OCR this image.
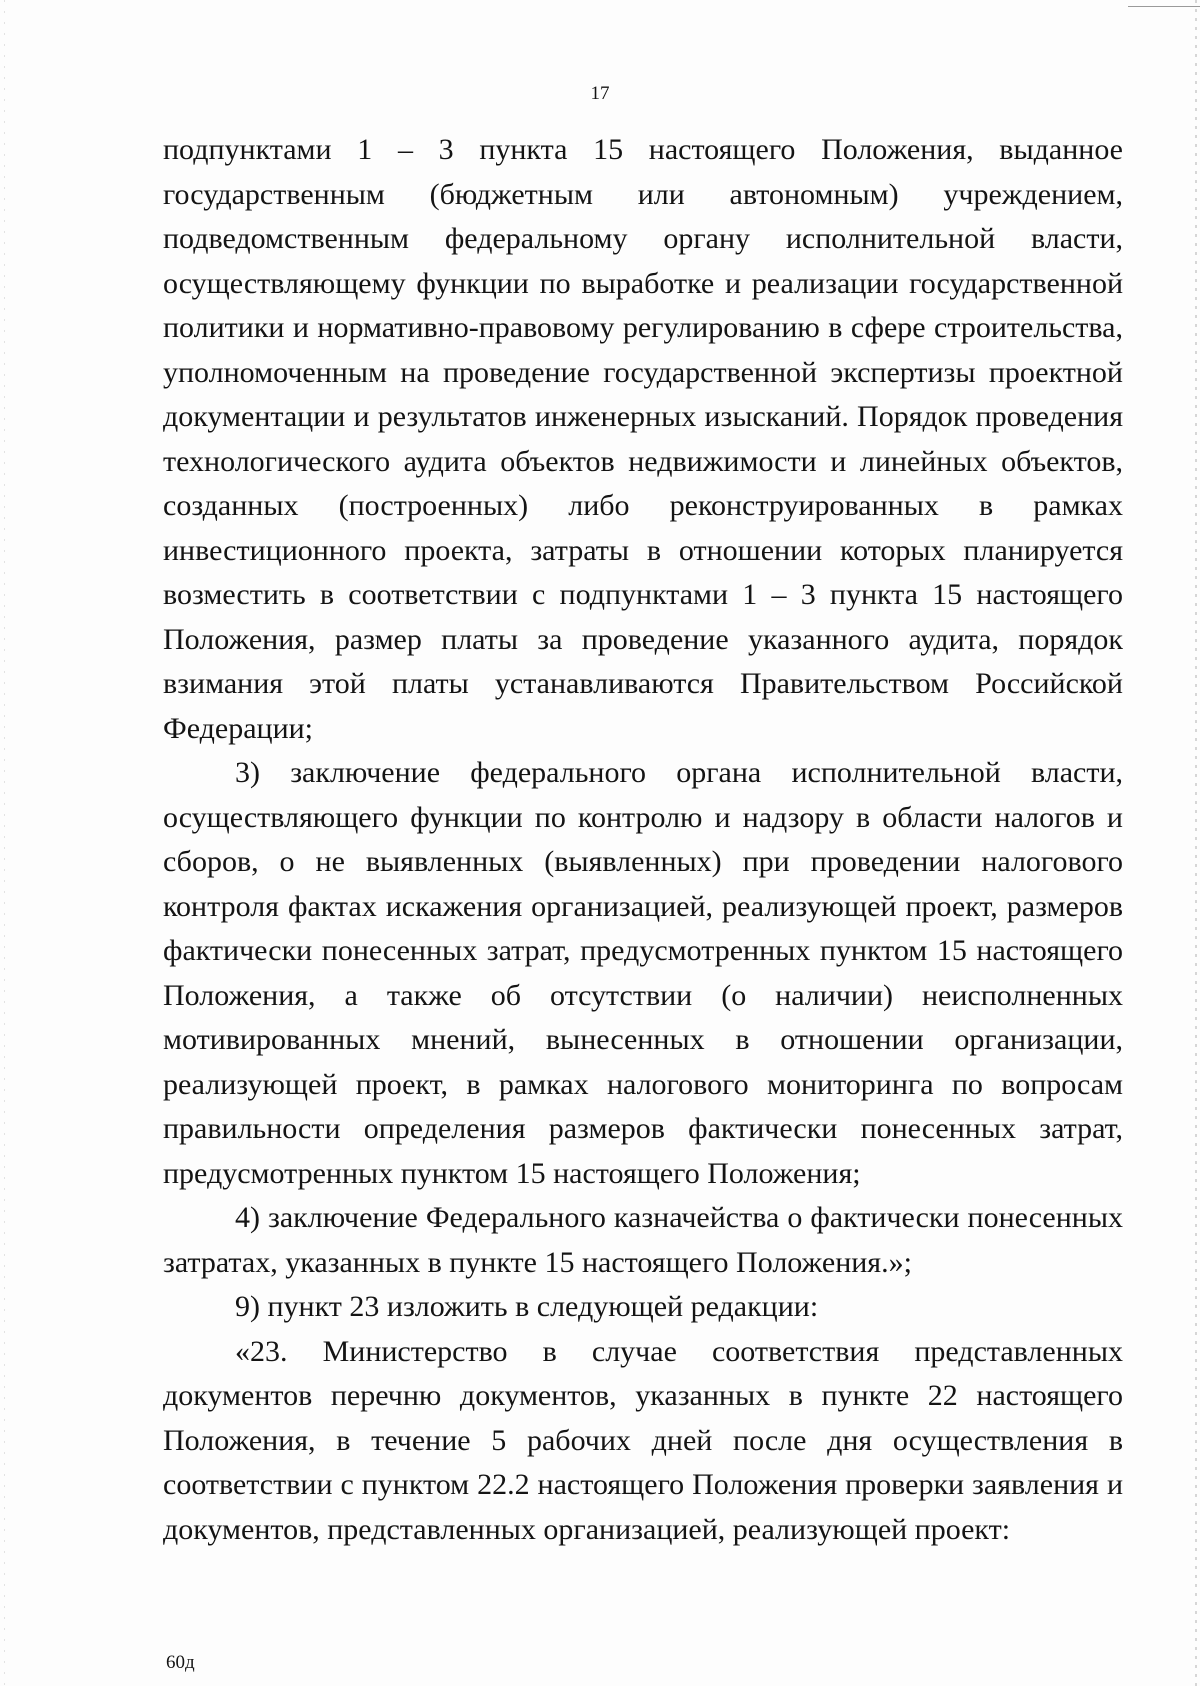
17

подпунктами 1 – 3 пункта 15 настоящего Положения, выданное государственным (бюджетным или автономным) учреждением, подведомственным федеральному органу исполнительной власти, осуществляющему функции по выработке и реализации государственной политики и нормативно-правовому регулированию в сфере строительства, уполномоченным на проведение государственной экспертизы проектной документации и результатов инженерных изысканий. Порядок проведения технологического аудита объектов недвижимости и линейных объектов, созданных (построенных) либо реконструированных в рамках инвестиционного проекта, затраты в отношении которых планируется возместить в соответствии с подпунктами 1 – 3 пункта 15 настоящего Положения, размер платы за проведение указанного аудита, порядок взимания этой платы устанавливаются Правительством Российской Федерации;

3) заключение федерального органа исполнительной власти, осуществляющего функции по контролю и надзору в области налогов и сборов, о не выявленных (выявленных) при проведении налогового контроля фактах искажения организацией, реализующей проект, размеров фактически понесенных затрат, предусмотренных пунктом 15 настоящего Положения, а также об отсутствии (о наличии) неисполненных мотивированных мнений, вынесенных в отношении организации, реализующей проект, в рамках налогового мониторинга по вопросам правильности определения размеров фактически понесенных затрат, предусмотренных пунктом 15 настоящего Положения;

4) заключение Федерального казначейства о фактически понесенных затратах, указанных в пункте 15 настоящего Положения.»;

9) пункт 23 изложить в следующей редакции:

«23. Министерство в случае соответствия представленных документов перечню документов, указанных в пункте 22 настоящего Положения, в течение 5 рабочих дней после дня осуществления в соответствии с пунктом 22.2 настоящего Положения проверки заявления и документов, представленных организацией, реализующей проект:

60д
